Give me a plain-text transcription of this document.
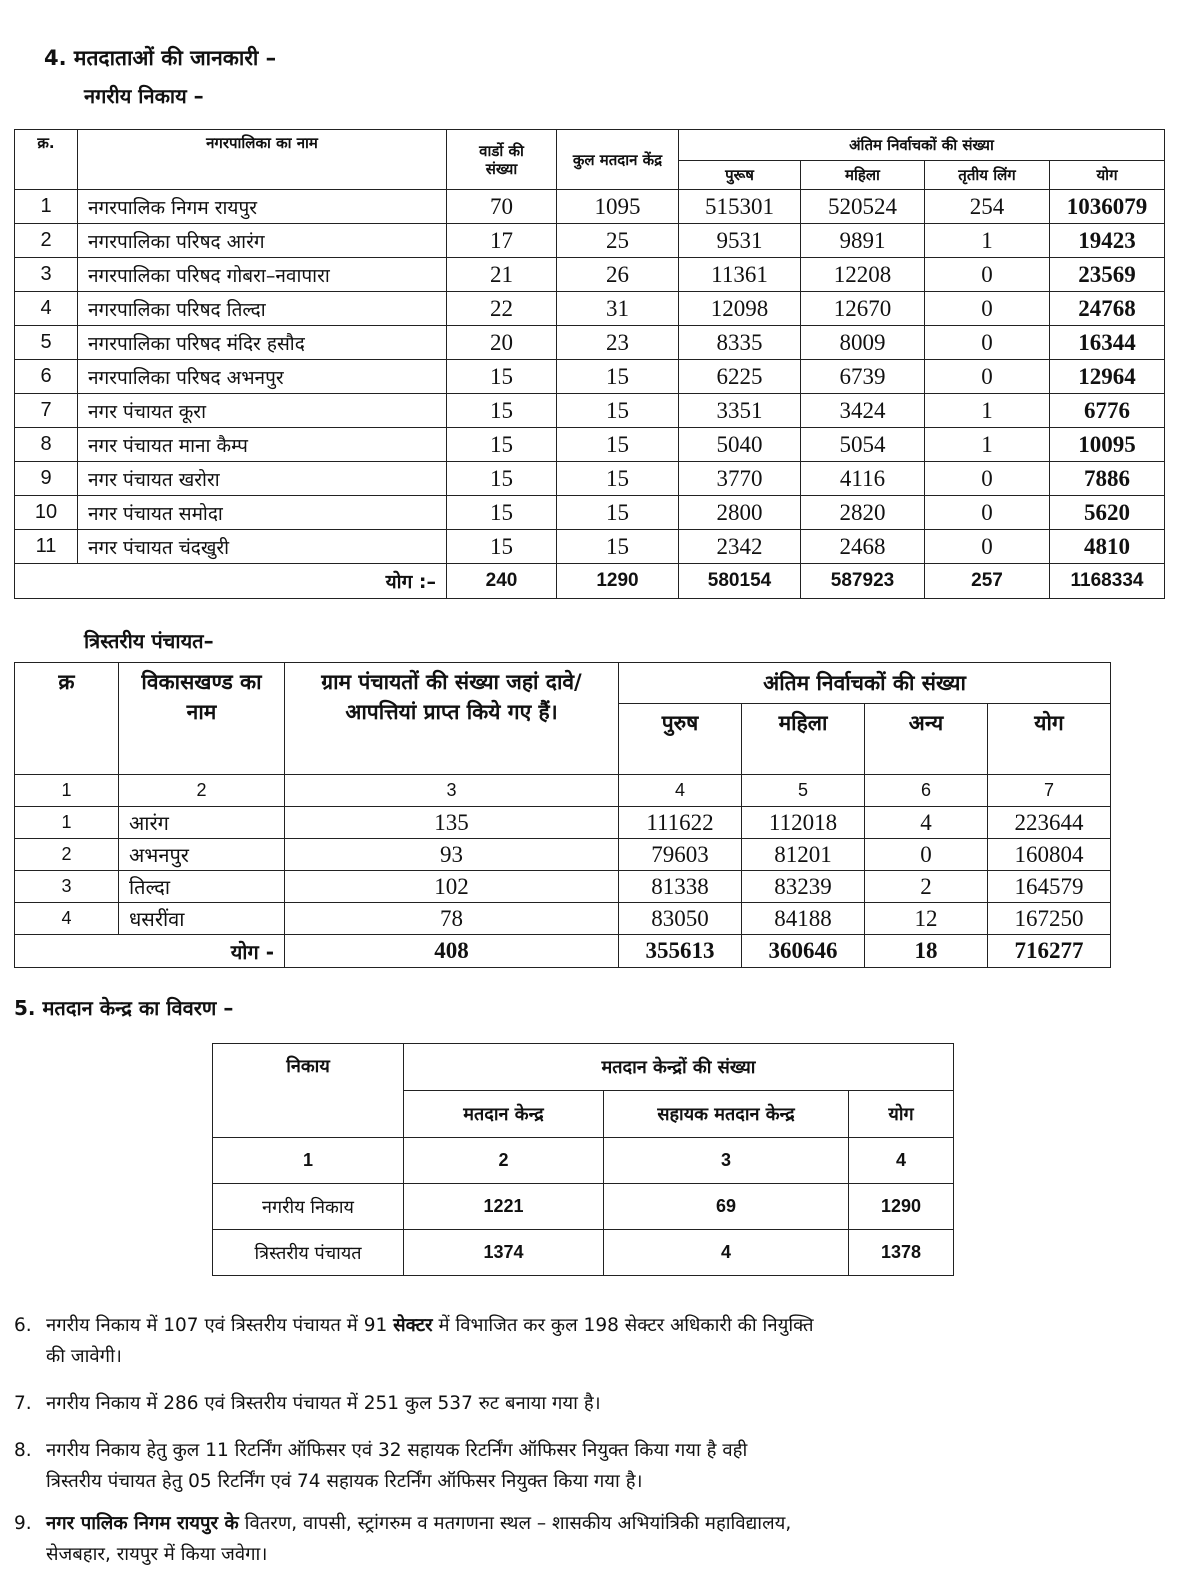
4. मतदाताओं की जानकारी –
नगरीय निकाय –
क्र.	नगरपालिका का नाम	वार्डो की संख्या	कुल मतदान केंद्र	अंतिम निर्वाचकों की संख्या			
				पुरूष	महिला	तृतीय लिंग	योग
1	नगरपालिक निगम रायपुर	70	1095	515301	520524	254	1036079
2	नगरपालिका परिषद आरंग	17	25	9531	9891	1	19423
3	नगरपालिका परिषद गोबरा–नवापारा	21	26	11361	12208	0	23569
4	नगरपालिका परिषद तिल्दा	22	31	12098	12670	0	24768
5	नगरपालिका परिषद मंदिर हसौद	20	23	8335	8009	0	16344
6	नगरपालिका परिषद अभनपुर	15	15	6225	6739	0	12964
7	नगर पंचायत कूरा	15	15	3351	3424	1	6776
8	नगर पंचायत माना कैम्प	15	15	5040	5054	1	10095
9	नगर पंचायत खरोरा	15	15	3770	4116	0	7886
10	नगर पंचायत समोदा	15	15	2800	2820	0	5620
11	नगर पंचायत चंदखुरी	15	15	2342	2468	0	4810
योग :–		240	1290	580154	587923	257	1168334
त्रिस्तरीय पंचायत–
क्र	विकासखण्ड का नाम	ग्राम पंचायतों की संख्या जहां दावे/आपत्तियां प्राप्त किये गए हैं।	अंतिम निर्वाचकों की संख्या			
			पुरुष	महिला	अन्य	योग
1	2	3	4	5	6	7
1	आरंग	135	111622	112018	4	223644
2	अभनपुर	93	79603	81201	0	160804
3	तिल्दा	102	81338	83239	2	164579
4	धसरींवा	78	83050	84188	12	167250
योग -		408	355613	360646	18	716277
5. मतदान केन्द्र का विवरण –
निकाय	मतदान केन्द्रों की संख्या		
	मतदान केन्द्र	सहायक मतदान केन्द्र	योग
1	2	3	4
नगरीय निकाय	1221	69	1290
त्रिस्तरीय पंचायत	1374	4	1378
6. नगरीय निकाय में 107 एवं त्रिस्तरीय पंचायत में 91 सेक्टर में विभाजित कर कुल 198 सेक्टर अधिकारी की नियुक्ति
की जावेगी।
7. नगरीय निकाय में 286 एवं त्रिस्तरीय पंचायत में 251 कुल 537 रुट बनाया गया है।
8. नगरीय निकाय हेतु कुल 11 रिटर्निंग ऑफिसर एवं 32 सहायक रिटर्निंग ऑफिसर नियुक्त किया गया है वही
त्रिस्तरीय पंचायत हेतु 05 रिटर्निंग एवं 74 सहायक रिटर्निंग ऑफिसर नियुक्त किया गया है।
9. नगर पालिक निगम रायपुर के वितरण, वापसी, स्ट्रांगरुम व मतगणना स्थल – शासकीय अभियांत्रिकी महाविद्यालय,
सेजबहार, रायपुर में किया जवेगा।
